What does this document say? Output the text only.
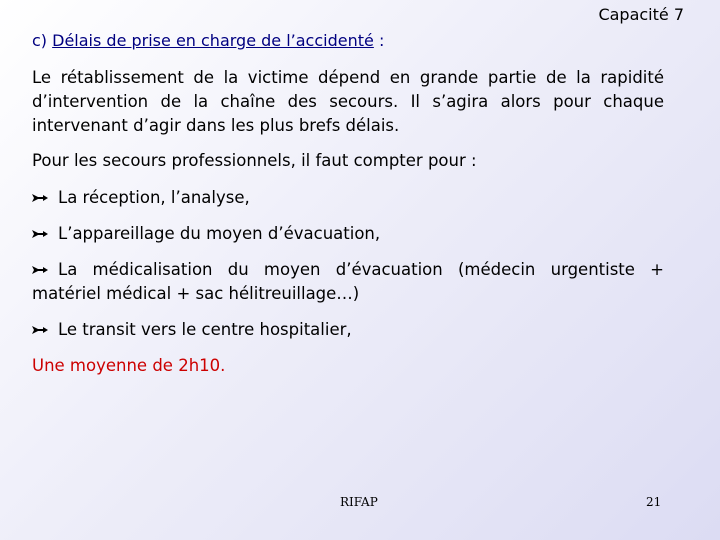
Capacité 7
c) Délais de prise en charge de l’accidenté :
Le rétablissement de la victime dépend en grande partie de la rapidité d’intervention de la chaîne des secours. Il s’agira alors pour chaque intervenant d’agir dans les plus brefs délais.
Pour les secours professionnels, il faut compter pour :
La réception, l’analyse,
L’appareillage du moyen d’évacuation,
La médicalisation du moyen d’évacuation (médecin urgentiste + matériel médical + sac hélitreuillage…)
Le transit vers le centre hospitalier,
Une moyenne de 2h10.
RIFAP	21
